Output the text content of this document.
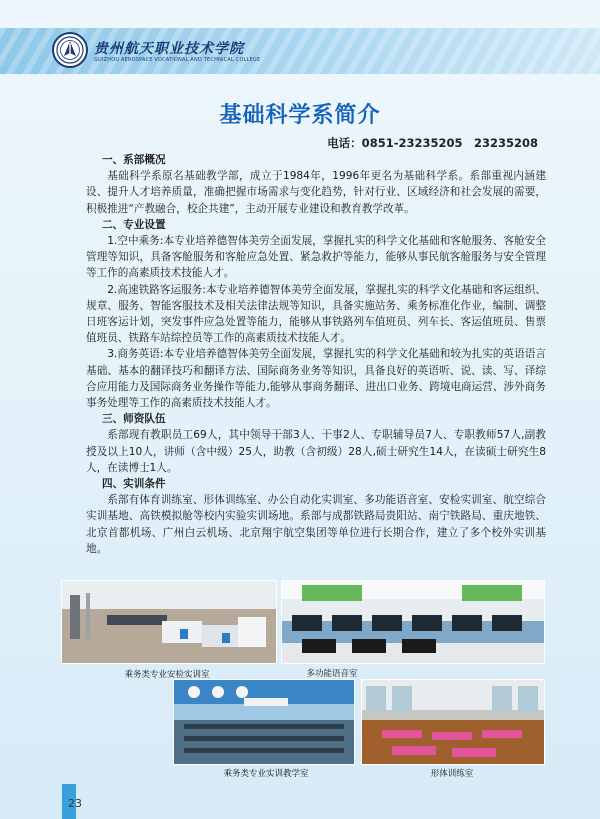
贵州航天职业技术学院
GUIZHOU AEROSPACE VOCATIONAL AND TECHNICAL COLLEGE
基础科学系简介
电话：0851-23235205　23235208
一、系部概况

基础科学系原名基础教学部，成立于1984年，1996年更名为基础科学系。系部重视内涵建设、提升人才培养质量，准确把握市场需求与变化趋势，针对行业、区域经济和社会发展的需要，积极推进“产教融合，校企共建”，主动开展专业建设和教育教学改革。

二、专业设置

1.空中乘务:本专业培养德智体美劳全面发展，掌握扎实的科学文化基础和客舱服务、客舱安全管理等知识，具备客舱服务和客舱应急处置、紧急救护等能力，能够从事民航客舱服务与安全管理等工作的高素质技术技能人才。

2.高速铁路客运服务:本专业培养德智体美劳全面发展，掌握扎实的科学文化基础和客运组织、规章、服务、智能客服技术及相关法律法规等知识，具备实施站务、乘务标准化作业，编制、调整日班客运计划，突发事件应急处置等能力，能够从事铁路列车值班员、列车长、客运值班员、售票值班员、铁路车站综控员等工作的高素质技术技能人才。

3.商务英语:本专业培养德智体美劳全面发展，掌握扎实的科学文化基础和较为扎实的英语语言基础、基本的翻译技巧和翻译方法、国际商务业务等知识，具备良好的英语听、说、读、写、译综合应用能力及国际商务业务操作等能力,能够从事商务翻译、进出口业务、跨境电商运营、涉外商务事务处理等工作的高素质技术技能人才。

三、师资队伍

系部现有教职员工69人，其中领导干部3人、干事2人、专职辅导员7人、专职教师57人,副教授及以上10人，讲师（含中级）25人，助教（含初级）28人,硕士研究生14人，在读硕士研究生8人，在读博士1人。

四、实训条件

系部有体育训练室、形体训练室、办公自动化实训室、多功能语音室、安检实训室、航空综合实训基地、高铁模拟舱等校内实验实训场地。系部与成都铁路局贵阳站、南宁铁路局、重庆地铁、北京首都机场、广州白云机场、北京翔宇航空集团等单位进行长期合作，建立了多个校外实训基地。

乘务类专业安检实训室	多功能语音室
乘务类专业实训教学室	形体训练室
23
